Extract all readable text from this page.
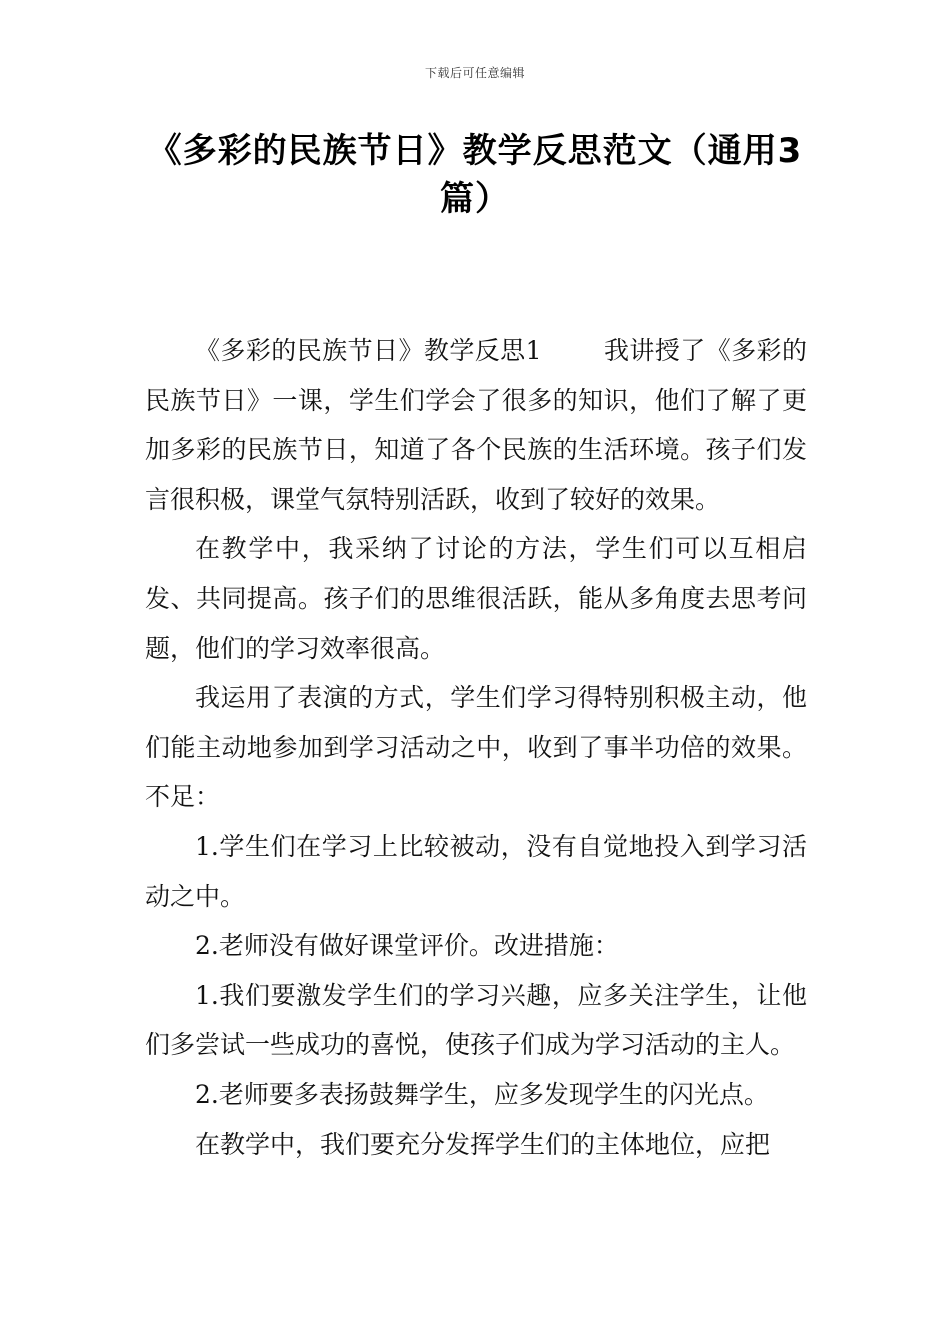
下载后可任意编辑
《多彩的民族节日》教学反思范文（通用3篇）

《多彩的民族节日》教学反思1 我讲授了《多彩的民族节日》一课，学生们学会了很多的知识，他们了解了更加多彩的民族节日，知道了各个民族的生活环境。孩子们发言很积极，课堂气氛特别活跃，收到了较好的效果。

在教学中，我采纳了讨论的方法，学生们可以互相启发、共同提高。孩子们的思维很活跃，能从多角度去思考问题，他们的学习效率很高。

我运用了表演的方式，学生们学习得特别积极主动，他们能主动地参加到学习活动之中，收到了事半功倍的效果。不足：

1.学生们在学习上比较被动，没有自觉地投入到学习活动之中。

2.老师没有做好课堂评价。改进措施：

1.我们要激发学生们的学习兴趣，应多关注学生，让他们多尝试一些成功的喜悦，使孩子们成为学习活动的主人。

2.老师要多表扬鼓舞学生，应多发现学生的闪光点。

在教学中，我们要充分发挥学生们的主体地位，应把
